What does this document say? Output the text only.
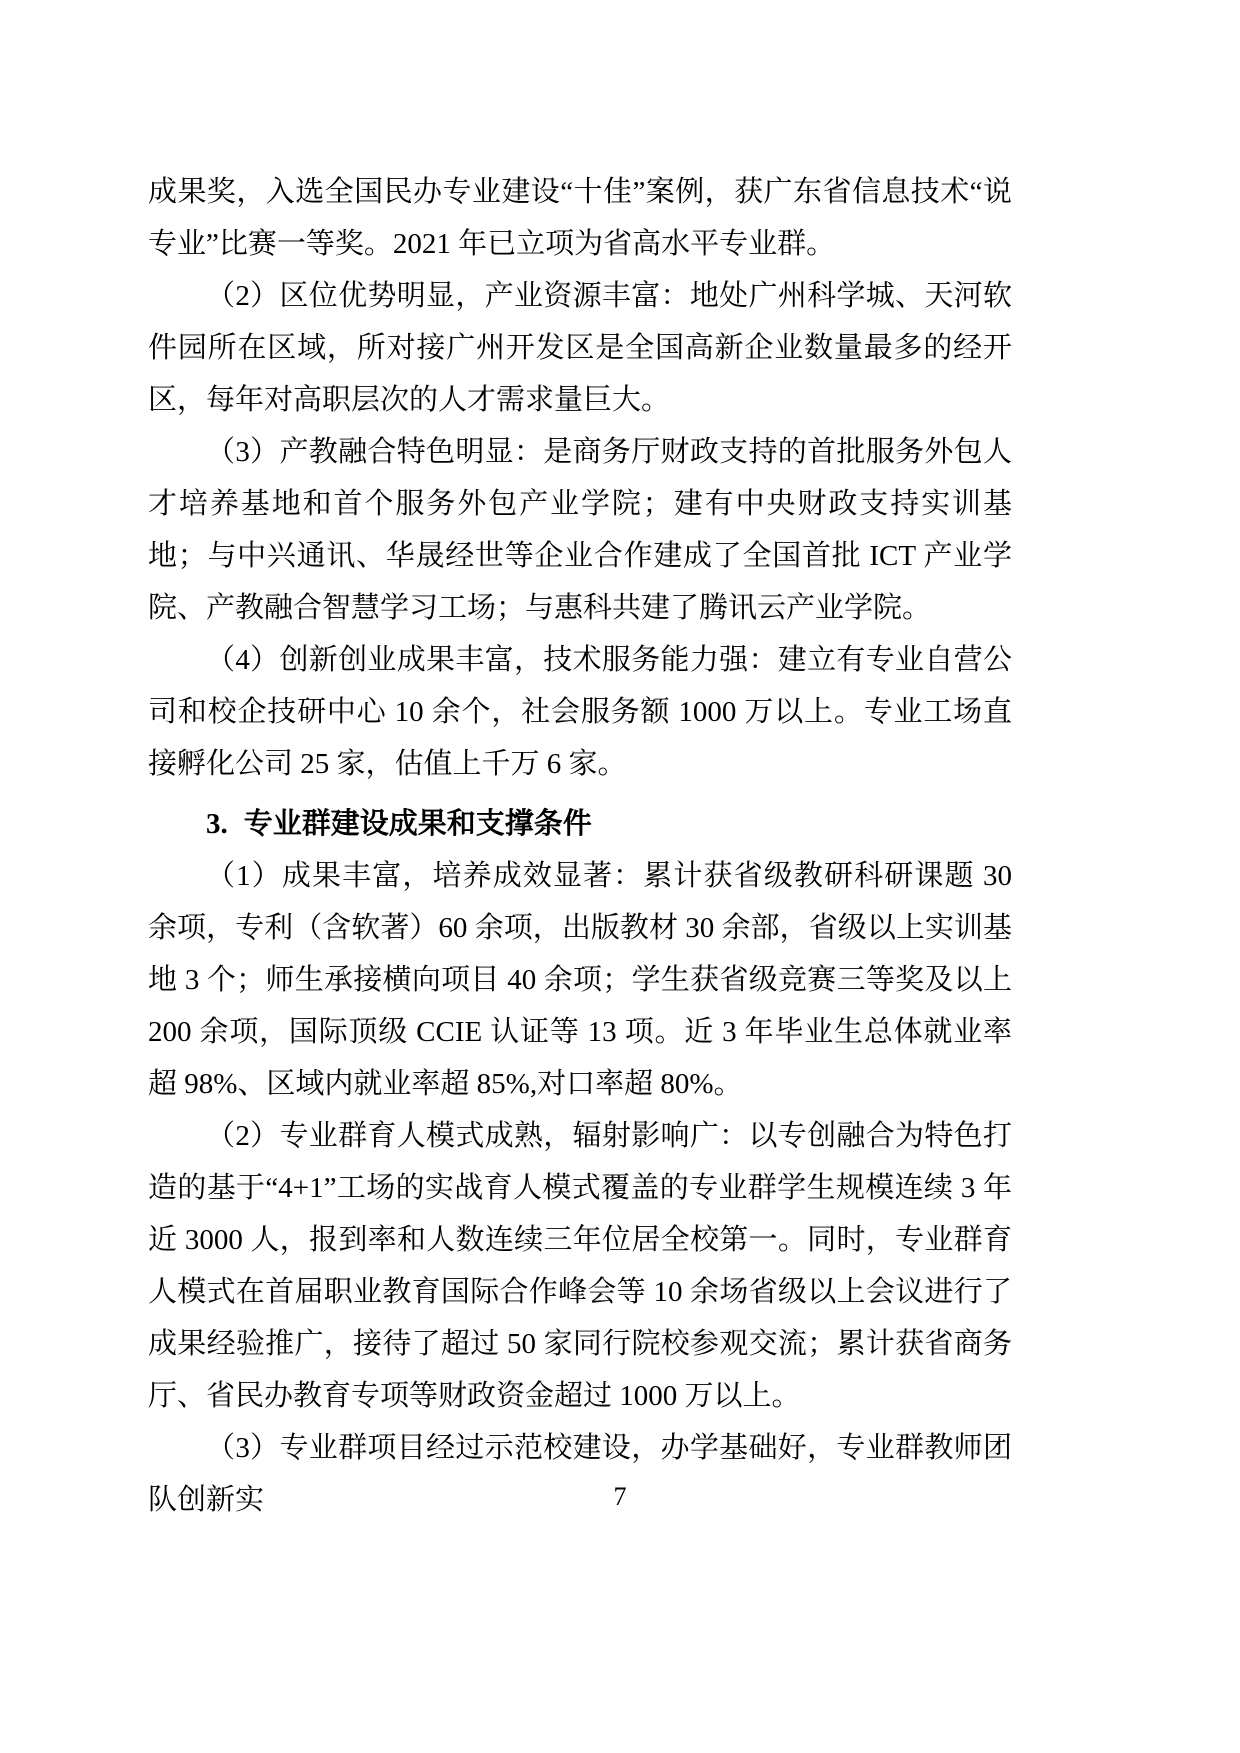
成果奖，入选全国民办专业建设“十佳”案例，获广东省信息技术“说专业”比赛一等奖。2021 年已立项为省高水平专业群。

（2）区位优势明显，产业资源丰富：地处广州科学城、天河软件园所在区域，所对接广州开发区是全国高新企业数量最多的经开区，每年对高职层次的人才需求量巨大。

（3）产教融合特色明显：是商务厅财政支持的首批服务外包人才培养基地和首个服务外包产业学院；建有中央财政支持实训基地；与中兴通讯、华晟经世等企业合作建成了全国首批 ICT 产业学院、产教融合智慧学习工场；与惠科共建了腾讯云产业学院。

（4）创新创业成果丰富，技术服务能力强：建立有专业自营公司和校企技研中心 10 余个，社会服务额 1000 万以上。专业工场直接孵化公司 25 家，估值上千万 6 家。

3. 专业群建设成果和支撑条件

（1）成果丰富，培养成效显著：累计获省级教研科研课题 30 余项，专利（含软著）60 余项，出版教材 30 余部，省级以上实训基地 3 个；师生承接横向项目 40 余项；学生获省级竞赛三等奖及以上 200 余项，国际顶级 CCIE 认证等 13 项。近 3 年毕业生总体就业率超 98%、区域内就业率超 85%,对口率超 80%。

（2）专业群育人模式成熟，辐射影响广：以专创融合为特色打造的基于“4+1”工场的实战育人模式覆盖的专业群学生规模连续 3 年近 3000 人，报到率和人数连续三年位居全校第一。同时，专业群育人模式在首届职业教育国际合作峰会等 10 余场省级以上会议进行了成果经验推广，接待了超过 50 家同行院校参观交流；累计获省商务厅、省民办教育专项等财政资金超过 1000 万以上。

（3）专业群项目经过示范校建设，办学基础好，专业群教师团队创新实	7
